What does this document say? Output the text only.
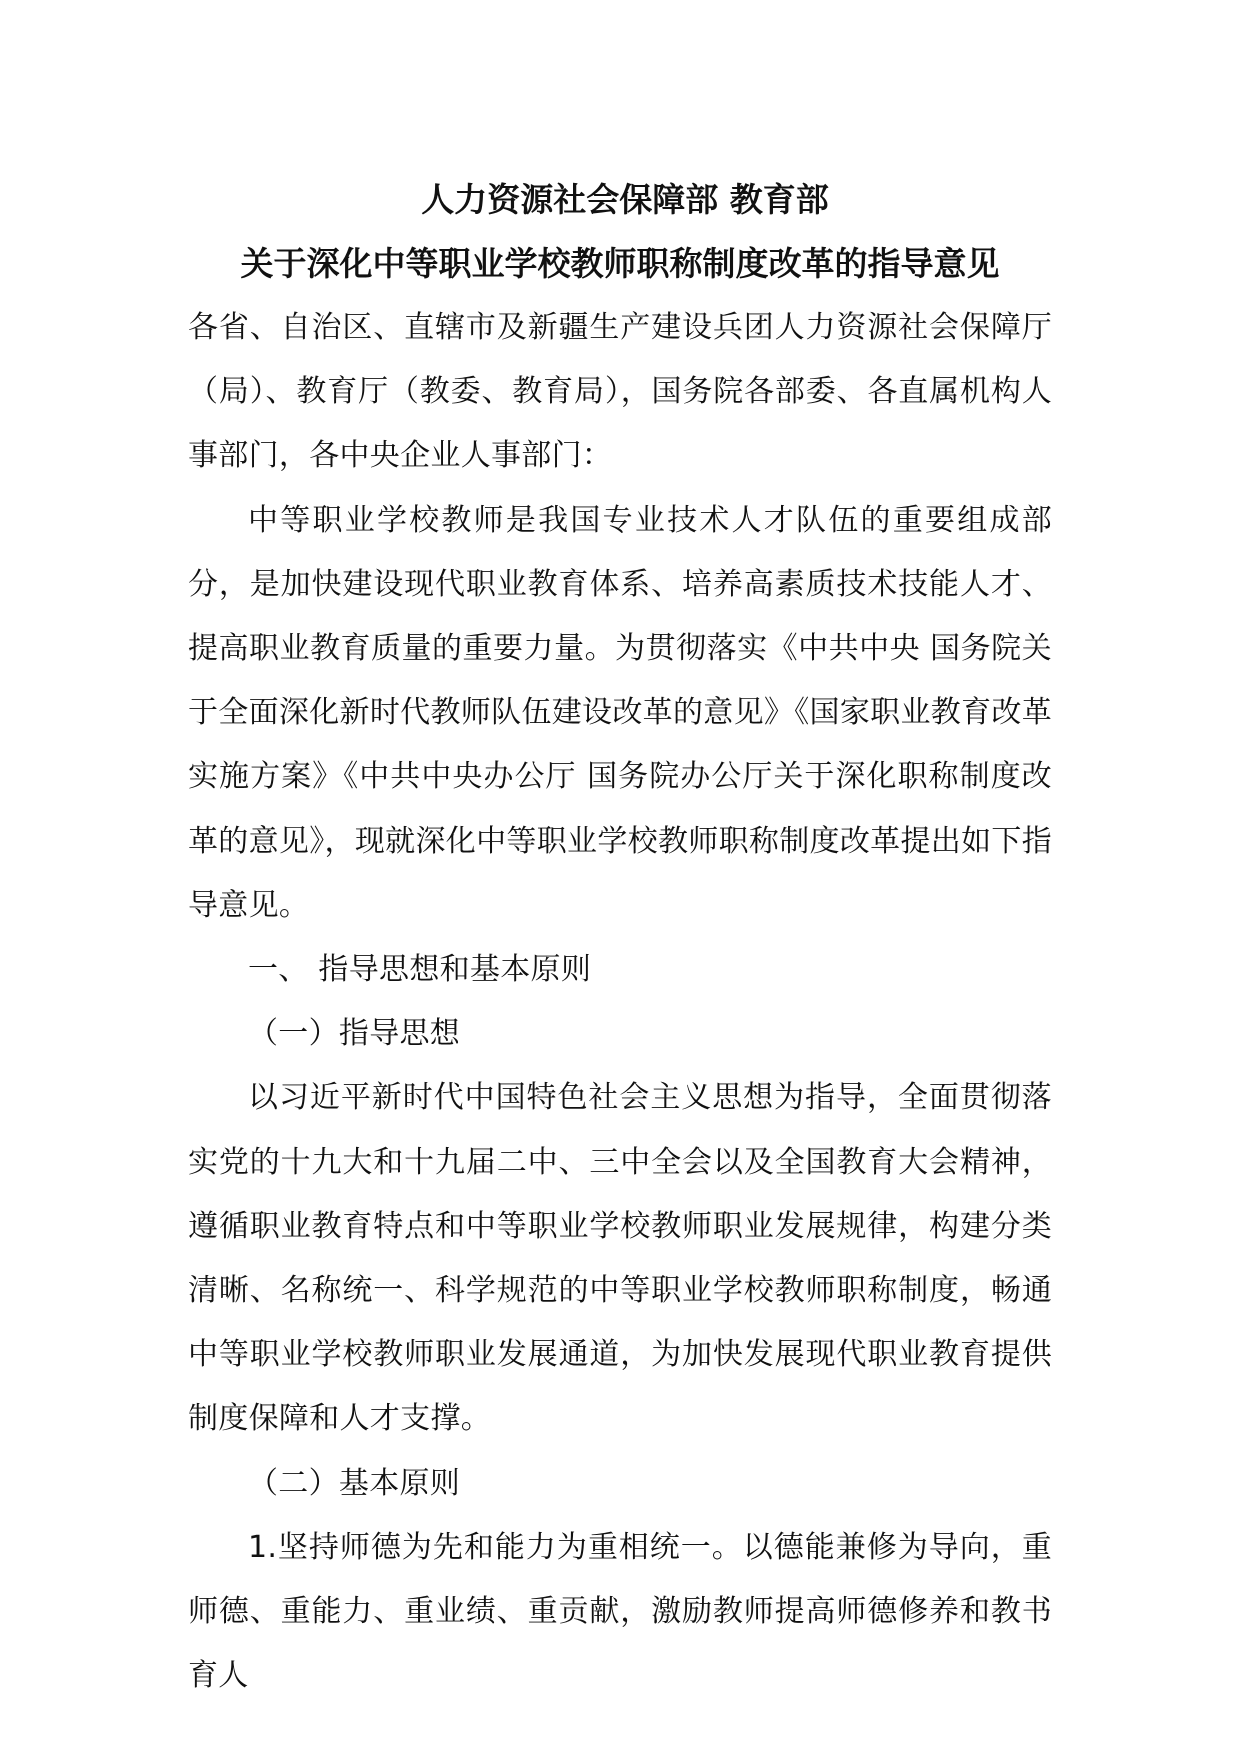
人力资源社会保障部 教育部
关于深化中等职业学校教师职称制度改革的指导意见

各省、自治区、直辖市及新疆生产建设兵团人力资源社会保障厅（局）、教育厅（教委、教育局），国务院各部委、各直属机构人事部门，各中央企业人事部门：

中等职业学校教师是我国专业技术人才队伍的重要组成部分，是加快建设现代职业教育体系、培养高素质技术技能人才、提高职业教育质量的重要力量。为贯彻落实《中共中央 国务院关于全面深化新时代教师队伍建设改革的意见》《国家职业教育改革实施方案》《中共中央办公厅 国务院办公厅关于深化职称制度改革的意见》，现就深化中等职业学校教师职称制度改革提出如下指导意见。

一、 指导思想和基本原则

（一）指导思想

以习近平新时代中国特色社会主义思想为指导，全面贯彻落实党的十九大和十九届二中、三中全会以及全国教育大会精神，遵循职业教育特点和中等职业学校教师职业发展规律，构建分类清晰、名称统一、科学规范的中等职业学校教师职称制度，畅通中等职业学校教师职业发展通道，为加快发展现代职业教育提供制度保障和人才支撑。

（二）基本原则

1.坚持师德为先和能力为重相统一。以德能兼修为导向，重师德、重能力、重业绩、重贡献，激励教师提高师德修养和教书育人
